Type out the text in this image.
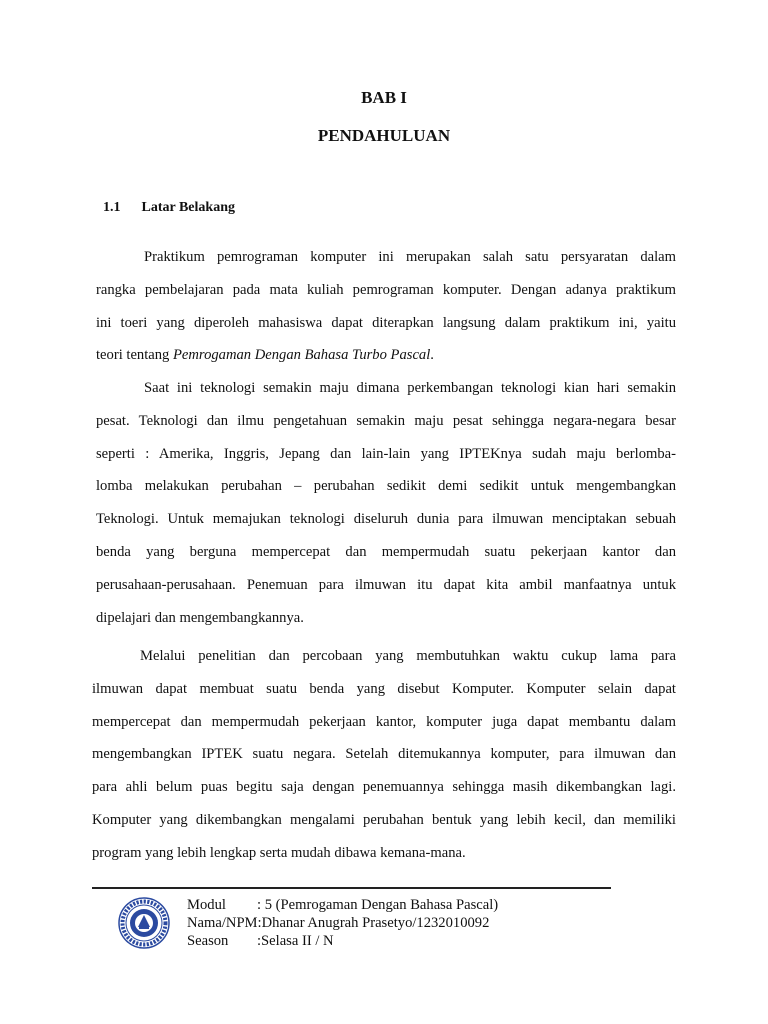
BAB I
PENDAHULUAN
1.1 Latar Belakang
Praktikum pemrograman komputer ini merupakan salah satu persyaratan dalam
rangka pembelajaran pada mata kuliah pemrograman komputer. Dengan adanya praktikum
ini toeri yang diperoleh mahasiswa dapat diterapkan langsung dalam praktikum ini, yaitu
teori tentang Pemrogaman Dengan Bahasa Turbo Pascal.
Saat ini teknologi semakin maju dimana perkembangan teknologi kian hari semakin
pesat. Teknologi dan ilmu pengetahuan semakin maju pesat sehingga negara-negara besar
seperti : Amerika, Inggris, Jepang dan lain-lain yang IPTEKnya sudah maju berlomba-
lomba melakukan perubahan – perubahan sedikit demi sedikit untuk mengembangkan
Teknologi. Untuk memajukan teknologi diseluruh dunia para ilmuwan menciptakan sebuah
benda yang berguna mempercepat dan mempermudah suatu pekerjaan kantor dan
perusahaan-perusahaan. Penemuan para ilmuwan itu dapat kita ambil manfaatnya untuk
dipelajari dan mengembangkannya.
Melalui penelitian dan percobaan yang membutuhkan waktu cukup lama para
ilmuwan dapat membuat suatu benda yang disebut Komputer. Komputer selain dapat
mempercepat dan mempermudah pekerjaan kantor, komputer juga dapat membantu dalam
mengembangkan IPTEK suatu negara. Setelah ditemukannya komputer, para ilmuwan dan
para ahli belum puas begitu saja dengan penemuannya sehingga masih dikembangkan lagi.
Komputer yang dikembangkan mengalami perubahan bentuk yang lebih kecil, dan memiliki
program yang lebih lengkap serta mudah dibawa kemana-mana.
Modul	: 5 (Pemrogaman Dengan Bahasa Pascal)
Nama/NPM :Dhanar Anugrah Prasetyo/1232010092
Season	:Selasa II / N
